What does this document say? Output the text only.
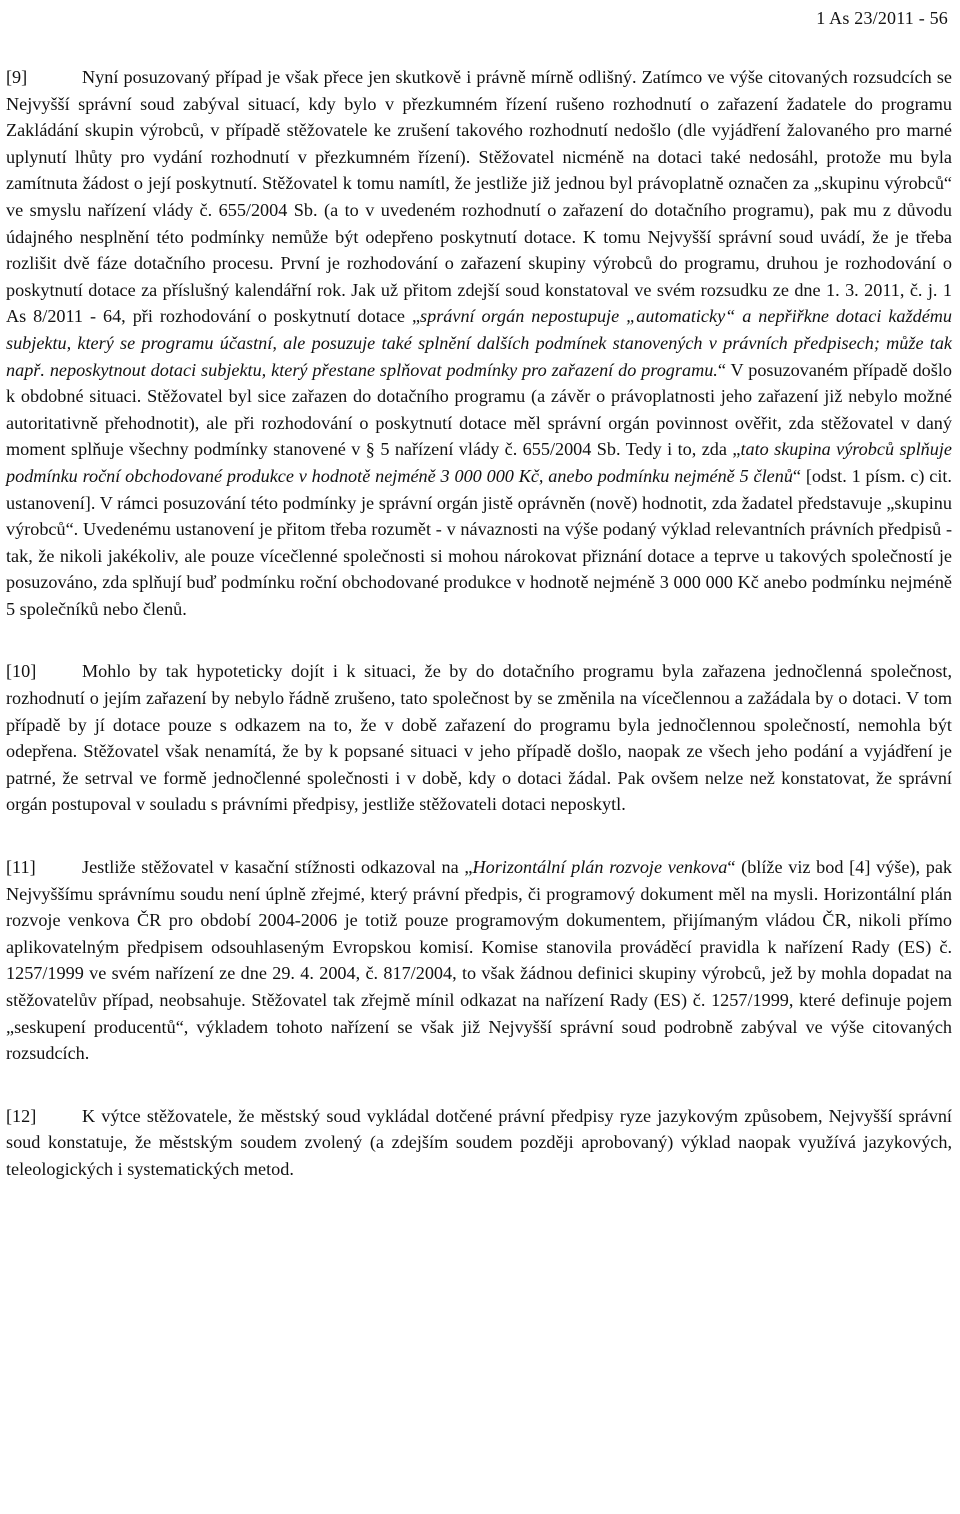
1 As 23/2011 - 56

[9]	Nyní posuzovaný případ je však přece jen skutkově i právně mírně odlišný. Zatímco ve výše citovaných rozsudcích se Nejvyšší správní soud zabýval situací, kdy bylo v přezkumném řízení rušeno rozhodnutí o zařazení žadatele do programu Zakládání skupin výrobců, v případě stěžovatele ke zrušení takového rozhodnutí nedošlo (dle vyjádření žalovaného pro marné uplynutí lhůty pro vydání rozhodnutí v přezkumném řízení). Stěžovatel nicméně na dotaci také nedosáhl, protože mu byla zamítnuta žádost o její poskytnutí. Stěžovatel k tomu namítl, že jestliže již jednou byl právoplatně označen za „skupinu výrobců“ ve smyslu nařízení vlády č. 655/2004 Sb. (a to v uvedeném rozhodnutí o zařazení do dotačního programu), pak mu z důvodu údajného nesplnění této podmínky nemůže být odepřeno poskytnutí dotace. K tomu Nejvyšší správní soud uvádí, že je třeba rozlišit dvě fáze dotačního procesu. První je rozhodování o zařazení skupiny výrobců do programu, druhou je rozhodování o poskytnutí dotace za příslušný kalendářní rok. Jak už přitom zdejší soud konstatoval ve svém rozsudku ze dne 1. 3. 2011, č. j. 1 As 8/2011 - 64, při rozhodování o poskytnutí dotace „správní orgán nepostupuje „automaticky“ a nepřiřkne dotaci každému subjektu, který se programu účastní, ale posuzuje také splnění dalších podmínek stanovených v právních předpisech; může tak např. neposkytnout dotaci subjektu, který přestane splňovat podmínky pro zařazení do programu.“ V posuzovaném případě došlo k obdobné situaci. Stěžovatel byl sice zařazen do dotačního programu (a závěr o právoplatnosti jeho zařazení již nebylo možné autoritativně přehodnotit), ale při rozhodování o poskytnutí dotace měl správní orgán povinnost ověřit, zda stěžovatel v daný moment splňuje všechny podmínky stanovené v § 5 nařízení vlády č. 655/2004 Sb. Tedy i to, zda „tato skupina výrobců splňuje podmínku roční obchodované produkce v hodnotě nejméně 3 000 000 Kč, anebo podmínku nejméně 5 členů“ [odst. 1 písm. c) cit. ustanovení]. V rámci posuzování této podmínky je správní orgán jistě oprávněn (nově) hodnotit, zda žadatel představuje „skupinu výrobců“. Uvedenému ustanovení je přitom třeba rozumět - v návaznosti na výše podaný výklad relevantních právních předpisů - tak, že nikoli jakékoliv, ale pouze vícečlenné společnosti si mohou nárokovat přiznání dotace a teprve u takových společností je posuzováno, zda splňují buď podmínku roční obchodované produkce v hodnotě nejméně 3 000 000 Kč anebo podmínku nejméně 5 společníků nebo členů.

[10]	Mohlo by tak hypoteticky dojít i k situaci, že by do dotačního programu byla zařazena jednočlenná společnost, rozhodnutí o jejím zařazení by nebylo řádně zrušeno, tato společnost by se změnila na vícečlennou a zažádala by o dotaci. V tom případě by jí dotace pouze s odkazem na to, že v době zařazení do programu byla jednočlennou společností, nemohla být odepřena. Stěžovatel však nenamítá, že by k popsané situaci v jeho případě došlo, naopak ze všech jeho podání a vyjádření je patrné, že setrval ve formě jednočlenné společnosti i v době, kdy o dotaci žádal. Pak ovšem nelze než konstatovat, že správní orgán postupoval v souladu s právními předpisy, jestliže stěžovateli dotaci neposkytl.

[11]	Jestliže stěžovatel v kasační stížnosti odkazoval na „Horizontální plán rozvoje venkova“ (blíže viz bod [4] výše), pak Nejvyššímu správnímu soudu není úplně zřejmé, který právní předpis, či programový dokument měl na mysli. Horizontální plán rozvoje venkova ČR pro období 2004-2006 je totiž pouze programovým dokumentem, přijímaným vládou ČR, nikoli přímo aplikovatelným předpisem odsouhlaseným Evropskou komisí. Komise stanovila prováděcí pravidla k nařízení Rady (ES) č. 1257/1999 ve svém nařízení ze dne 29. 4. 2004, č. 817/2004, to však žádnou definici skupiny výrobců, jež by mohla dopadat na stěžovatelův případ, neobsahuje. Stěžovatel tak zřejmě mínil odkazat na nařízení Rady (ES) č. 1257/1999, které definuje pojem „seskupení producentů“, výkladem tohoto nařízení se však již Nejvyšší správní soud podrobně zabýval ve výše citovaných rozsudcích.

[12]	K výtce stěžovatele, že městský soud vykládal dotčené právní předpisy ryze jazykovým způsobem, Nejvyšší správní soud konstatuje, že městským soudem zvolený (a zdejším soudem později aprobovaný) výklad naopak využívá jazykových, teleologických i systematických metod.
